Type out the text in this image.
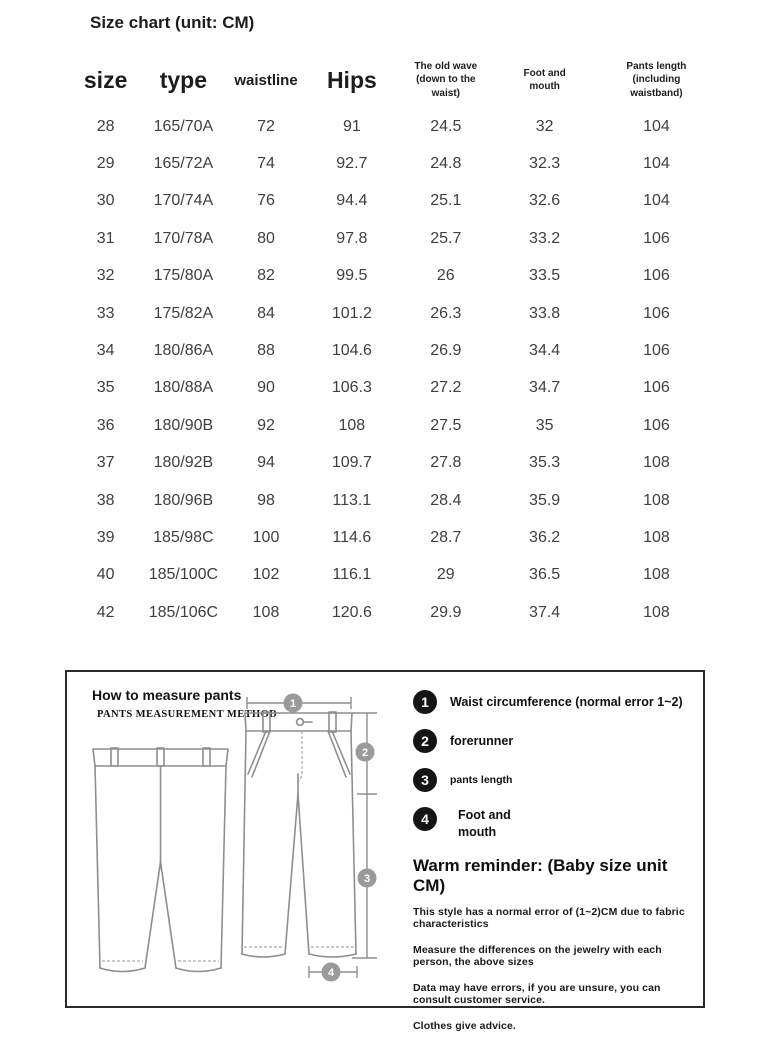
Size chart (unit: CM)
size	type	waistline	Hips	The old wave (down to the waist)	Foot and mouth	Pants length (including waistband)
28	165/70A	72	91	24.5	32	104
29	165/72A	74	92.7	24.8	32.3	104
30	170/74A	76	94.4	25.1	32.6	104
31	170/78A	80	97.8	25.7	33.2	106
32	175/80A	82	99.5	26	33.5	106
33	175/82A	84	101.2	26.3	33.8	106
34	180/86A	88	104.6	26.9	34.4	106
35	180/88A	90	106.3	27.2	34.7	106
36	180/90B	92	108	27.5	35	106
37	180/92B	94	109.7	27.8	35.3	108
38	180/96B	98	113.1	28.4	35.9	108
39	185/98C	100	114.6	28.7	36.2	108
40	185/100C	102	116.1	29	36.5	108
42	185/106C	108	120.6	29.9	37.4	108
How to measure pants
PANTS MEASUREMENT METHOD
1
2
3
4
1	Waist circumference (normal error 1~2)
2	forerunner
3	pants length
4	Foot and mouth
Warm reminder: (Baby size unit CM)

This style has a normal error of (1~2)CM due to fabric characteristics

Measure the differences on the jewelry with each person, the above sizes

Data may have errors, if you are unsure, you can consult customer service.

Clothes give advice.
